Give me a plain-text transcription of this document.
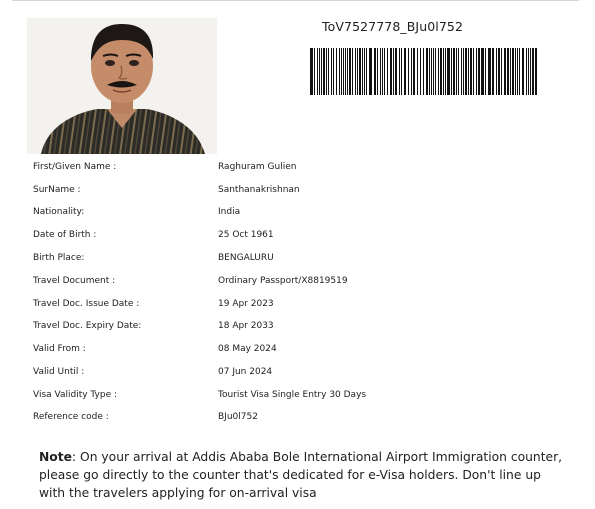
ToV7527778_BJu0l752
First/Given Name :	Raghuram Gulien
SurName :	Santhanakrishnan
Nationality:	India
Date of Birth :	25 Oct 1961
Birth Place:	BENGALURU
Travel Document :	Ordinary Passport/X8819519
Travel Doc. Issue Date :	19 Apr 2023
Travel Doc. Expiry Date:	18 Apr 2033
Valid From :	08 May 2024
Valid Until :	07 Jun 2024
Visa Validity Type :	Tourist Visa Single Entry 30 Days
Reference code :	BJu0l752
Note: On your arrival at Addis Ababa Bole International Airport Immigration counter, please go directly to the counter that's dedicated for e-Visa holders. Don't line up with the travelers applying for on-arrival visa
